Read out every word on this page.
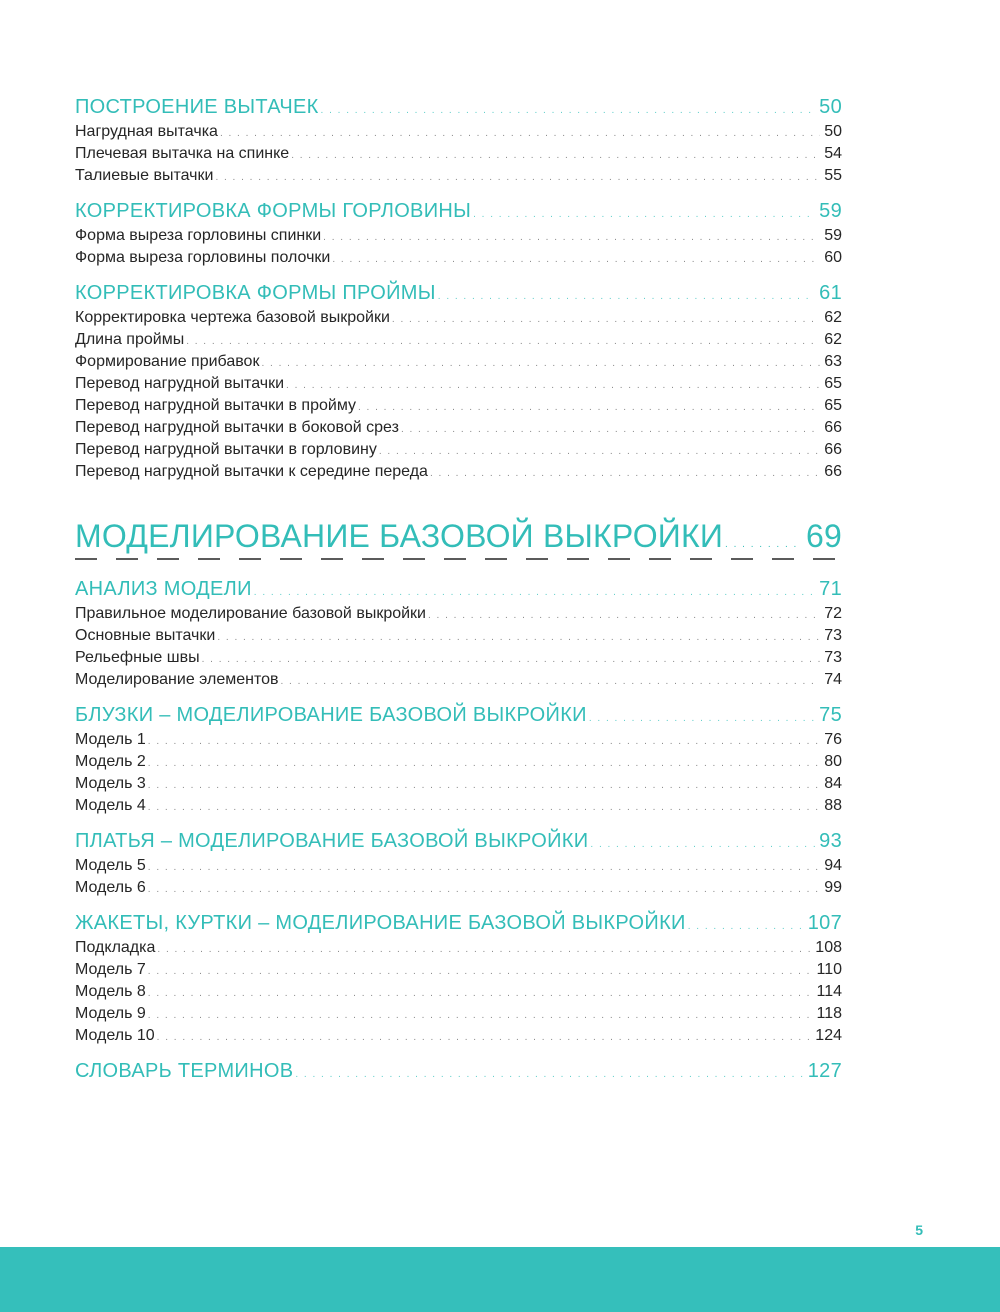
ПОСТРОЕНИЕ ВЫТАЧЕК . . .	50
Нагрудная вытачка . . .	50
Плечевая вытачка на спинке . . .	54
Талиевые вытачки . . .	55
КОРРЕКТИРОВКА ФОРМЫ ГОРЛОВИНЫ . . .	59
Форма выреза горловины спинки . . .	59
Форма выреза горловины полочки . . .	60
КОРРЕКТИРОВКА ФОРМЫ ПРОЙМЫ . . .	61
Корректировка чертежа базовой выкройки . . .	62
Длина проймы . . .	62
Формирование прибавок . . .	63
Перевод нагрудной вытачки . . .	65
Перевод нагрудной вытачки в пройму . . .	65
Перевод нагрудной вытачки в боковой срез . . .	66
Перевод нагрудной вытачки в горловину . . .	66
Перевод нагрудной вытачки к середине переда . . .	66
МОДЕЛИРОВАНИЕ БАЗОВОЙ ВЫКРОЙКИ . . .	69
АНАЛИЗ МОДЕЛИ . . .	71
Правильное моделирование базовой выкройки . . .	72
Основные вытачки . . .	73
Рельефные швы . . .	73
Моделирование элементов . . .	74
БЛУЗКИ – МОДЕЛИРОВАНИЕ БАЗОВОЙ ВЫКРОЙКИ . . .	75
Модель 1 . . .	76
Модель 2 . . .	80
Модель 3 . . .	84
Модель 4 . . .	88
ПЛАТЬЯ – МОДЕЛИРОВАНИЕ БАЗОВОЙ ВЫКРОЙКИ . . .	93
Модель 5 . . .	94
Модель 6 . . .	99
ЖАКЕТЫ, КУРТКИ – МОДЕЛИРОВАНИЕ БАЗОВОЙ ВЫКРОЙКИ . . .	107
Подкладка . . .	108
Модель 7 . . .	110
Модель 8 . . .	114
Модель 9 . . .	118
Модель 10 . . .	124
СЛОВАРЬ ТЕРМИНОВ . . .	127
5
